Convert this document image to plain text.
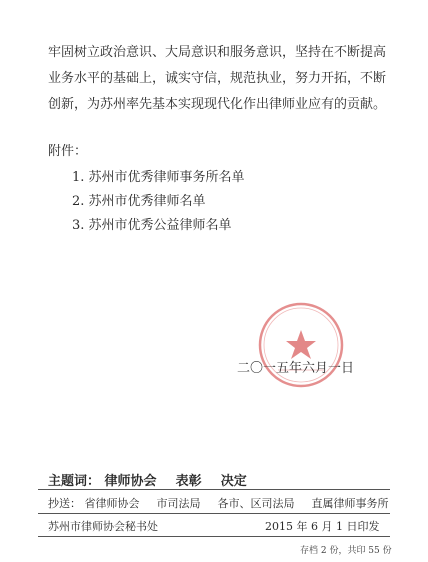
牢固树立政治意识、大局意识和服务意识，坚持在不断提高
业务水平的基础上，诚实守信，规范执业，努力开拓，不断
创新，为苏州率先基本实现现代化作出律师业应有的贡献。
附件：
1. 苏州市优秀律师事务所名单
2. 苏州市优秀律师名单
3. 苏州市优秀公益律师名单
二〇一五年六月一日
主题词： 律师协会 表彰 决定
抄送： 省律师协会 市司法局 各市、区司法局 直属律师事务所
苏州市律师协会秘书处	2015 年 6 月 1 日印发
存档 2 份，共印 55 份
